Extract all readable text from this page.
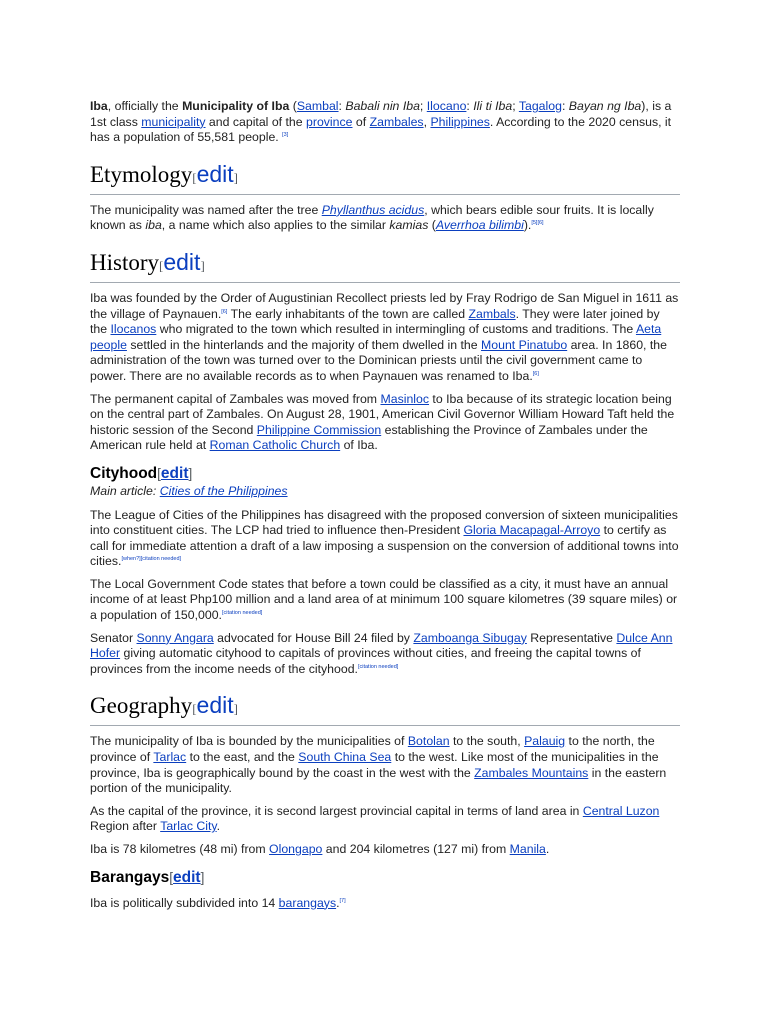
Iba, officially the Municipality of Iba (Sambal: Babali nin Iba; Ilocano: Ili ti Iba; Tagalog: Bayan ng Iba), is a 1st class municipality and capital of the province of Zambales, Philippines. According to the 2020 census, it has a population of 55,581 people. [3]

Etymology[edit]

The municipality was named after the tree Phyllanthus acidus, which bears edible sour fruits. It is locally known as iba, a name which also applies to the similar kamias (Averrhoa bilimbi).[5][6]

History[edit]

Iba was founded by the Order of Augustinian Recollect priests led by Fray Rodrigo de San Miguel in 1611 as the village of Paynauen.[6] The early inhabitants of the town are called Zambals. They were later joined by the Ilocanos who migrated to the town which resulted in intermingling of customs and traditions. The Aeta people settled in the hinterlands and the majority of them dwelled in the Mount Pinatubo area. In 1860, the administration of the town was turned over to the Dominican priests until the civil government came to power. There are no available records as to when Paynauen was renamed to Iba.[6]

The permanent capital of Zambales was moved from Masinloc to Iba because of its strategic location being on the central part of Zambales. On August 28, 1901, American Civil Governor William Howard Taft held the historic session of the Second Philippine Commission establishing the Province of Zambales under the American rule held at Roman Catholic Church of Iba.

Cityhood[edit]

Main article: Cities of the Philippines

The League of Cities of the Philippines has disagreed with the proposed conversion of sixteen municipalities into constituent cities. The LCP had tried to influence then-President Gloria Macapagal-Arroyo to certify as call for immediate attention a draft of a law imposing a suspension on the conversion of additional towns into cities.[when?][citation needed]

The Local Government Code states that before a town could be classified as a city, it must have an annual income of at least Php100 million and a land area of at minimum 100 square kilometres (39 square miles) or a population of 150,000.[citation needed]

Senator Sonny Angara advocated for House Bill 24 filed by Zamboanga Sibugay Representative Dulce Ann Hofer giving automatic cityhood to capitals of provinces without cities, and freeing the capital towns of provinces from the income needs of the cityhood.[citation needed]

Geography[edit]

The municipality of Iba is bounded by the municipalities of Botolan to the south, Palauig to the north, the province of Tarlac to the east, and the South China Sea to the west. Like most of the municipalities in the province, Iba is geographically bound by the coast in the west with the Zambales Mountains in the eastern portion of the municipality.

As the capital of the province, it is second largest provincial capital in terms of land area in Central Luzon Region after Tarlac City.

Iba is 78 kilometres (48 mi) from Olongapo and 204 kilometres (127 mi) from Manila.

Barangays[edit]

Iba is politically subdivided into 14 barangays.[7]
